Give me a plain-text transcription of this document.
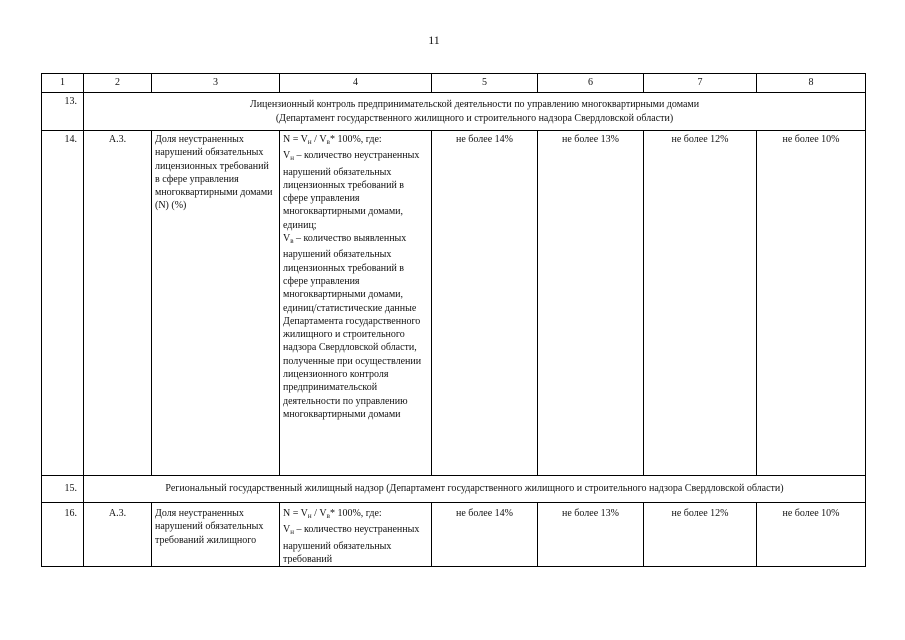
11
1	2	3	4	5	6	7	8
13.	Лицензионный контроль предпринимательской деятельности по управлению многоквартирными домами
(Департамент государственного жилищного и строительного надзора Свердловской области)						

14.	А.3.	Доля неустраненных нарушений обязательных лицензионных требований в сфере управления многоквартирными домами (N) (%)	$N = V_н / V_в*$ 100%, где:
$V_н$ – количество неустраненных нарушений обязательных лицензионных требований в сфере управления многоквартирными домами, единиц;
$V_в$ – количество выявленных нарушений обязательных лицензионных требований в сфере управления многоквартирными домами, единиц/статистические данные Департамента государственного жилищного и строительного надзора Свердловской области, полученные при осуществлении лицензионного контроля предпринимательской деятельности по управлению многоквартирными домами	не более 14%	не более 13%	не более 12%	не более 10%
15.	Региональный государственный жилищный надзор (Департамент государственного жилищного и строительного надзора Свердловской области)						
16.	А.3.	Доля неустраненных нарушений обязательных требований жилищного	$N = V_н / V_в*$ 100%, где:
$V_н$ – количество неустраненных нарушений обязательных требований	не более 14%	не более 13%	не более 12%	не более 10%
